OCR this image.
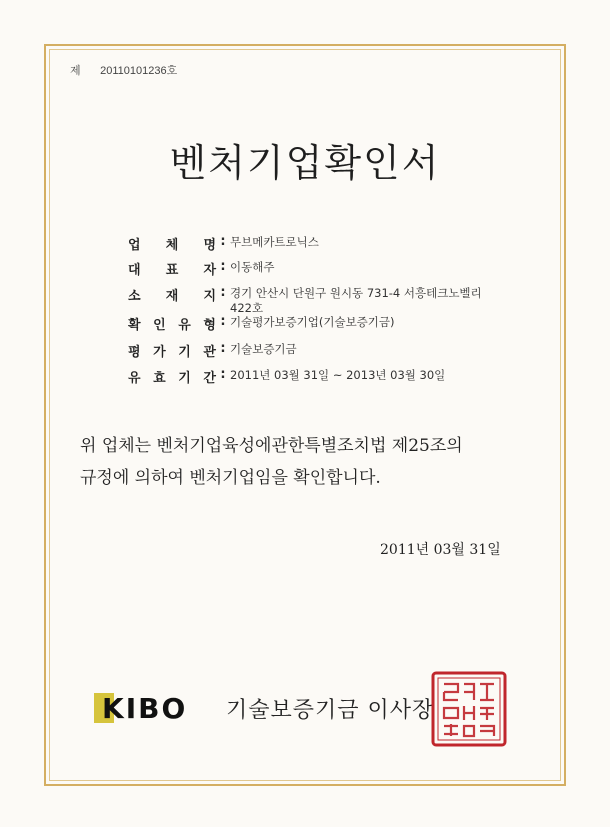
제 20110101236호
벤처기업확인서
업 체 명 : 무브메카트로닉스
대 표 자 : 이동해주
소 재 지 : 경기 안산시 단원구 원시동 731-4 서흥테크노벨리
422호
확 인 유 형 : 기술평가보증기업(기술보증기금)
평 가 기 관 : 기술보증기금
유 효 기 간 : 2011년 03월 31일 ~ 2013년 03월 30일
위 업체는 벤처기업육성에관한특별조치법 제25조의
규정에 의하여 벤처기업임을 확인합니다.
2011년 03월 31일
KIBO 기술보증기금 이사장
